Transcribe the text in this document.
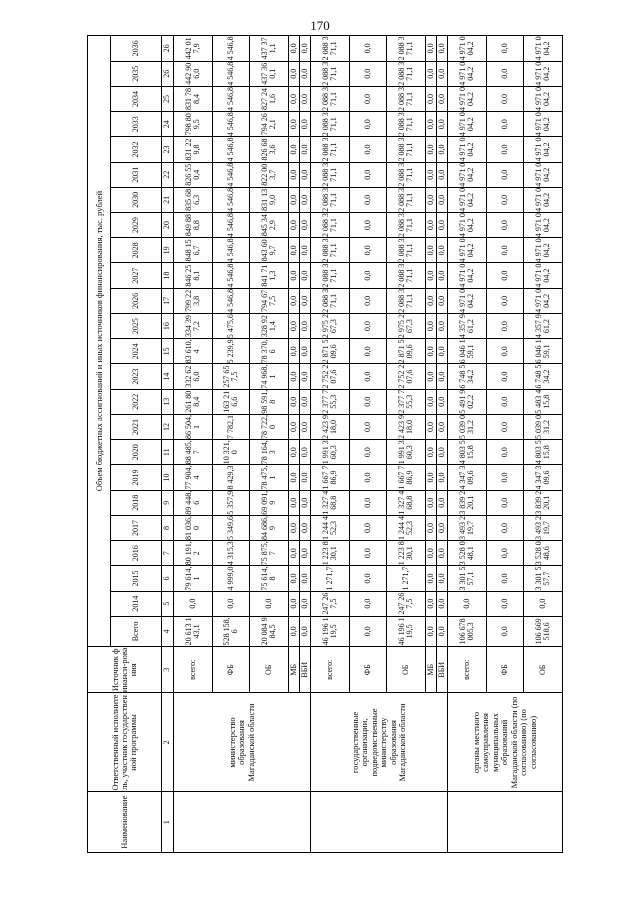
170
Наименование	Ответственный исполнитель, участник государственной программы	Источник финанси-рования	Объем бюджетных ассигнований и иных источников финансирования, тыс. рублей																							
			Всего	2014	2015	2016	2017	2018	2019	2020	2021	2022	2023	2024	2025	2026	2027	2028	2029	2030	2031	2032	2033	2034	2035	2036
1	2	3	4	5	6	7	8	9	10	11	12	13	14	15	16	17	18	19	20	21	22	23	24	25	26	26
	министерство образования Магаданской области	всего:	20 613 143,1	0,0	79 614,1	80 191,2	81 036,0	89 448,6	77 904,4	88 485,7	86 504,1	261 808,4	332 626,0	83 610,4	334 397,2	799 223,8	846 258,1	848 156,7	849 888,8	835 686,3	826 550,4	831 229,8	798 809,5	831 788,4	442 906,0	442 017,9
		ФБ	528 158,6	0,0	4 999,0	4 315,3	5 349,6	5 357,9	8 429,3	10 321,0	7 782,1	163 216,6	257 657,5	5 239,9	5 475,6	4 546,8	4 546,8	4 546,8	4 546,8	4 546,8	4 546,8	4 546,8	4 546,8	4 546,8	4 546,8	4 546,8
		ОБ	20 084 984,5	0,0	75 614,8	75 875,7	84 686,9	69 091,9	78 475,1	78 164,3	78 722,0	98 591,8	74 968,1	78 370,6	328 921,4	794 677,5	841 711,3	843 609,7	845 342,9	831 139,0	822 003,7	826 683,6	794 262,1	827 241,6	437 360,1	437 371,1
		МБ	0,0	0,0	0,0	0,0	0,0	0,0	0,0	0,0	0,0	0,0	0,0	0,0	0,0	0,0	0,0	0,0	0,0	0,0	0,0	0,0	0,0	0,0	0,0	0,0
		ВБИ	0,0	0,0	0,0	0,0	0,0	0,0	0,0	0,0	0,0	0,0	0,0	0,0	0,0	0,0	0,0	0,0	0,0	0,0	0,0	0,0	0,0	0,0	0,0	0,0
	государственные организации, подведомственные министерству образования Магаданской области	всего:	46 196 119,5	247 267,5	1 271,7	1 223 830,1	1 244 452,3	1 327 468,8	1 667 786,9	1 991 360,3	2 423 918,0	2 377 755,3	2 752 207,6	2 871 509,6	2 975 267,3	2 088 371,1	2 088 371,1	2 088 371,1	2 088 371,1	2 088 371,1	2 088 371,1	2 088 371,1	2 088 371,1	2 088 371,1	2 088 371,1	2 088 371,1
		ФБ	0,0	0,0	0,0	0,0	0,0	0,0	0,0	0,0	0,0	0,0	0,0	0,0	0,0	0,0	0,0	0,0	0,0	0,0	0,0	0,0	0,0	0,0	0,0	0,0
		ОБ	46 196 119,5	247 267,5	1 271,7	1 223 830,1	1 244 452,3	1 327 468,8	1 667 786,9	1 991 360,3	2 423 918,0	2 377 755,3	2 752 207,6	2 871 509,6	2 975 267,3	2 088 371,1	2 088 371,1	2 088 371,1	2 088 371,1	2 088 371,1	2 088 371,1	2 088 371,1	2 088 371,1	2 088 371,1	2 088 371,1	2 088 371,1
		МБ	0,0	0,0	0,0	0,0	0,0	0,0	0,0	0,0	0,0	0,0	0,0	0,0	0,0	0,0	0,0	0,0	0,0	0,0	0,0	0,0	0,0	0,0	0,0	0,0
		ВБИ	0,0	0,0	0,0	0,0	0,0	0,0	0,0	0,0	0,0	0,0	0,0	0,0	0,0	0,0	0,0	0,0	0,0	0,0	0,0	0,0	0,0	0,0	0,0	0,0
	органы местного самоуправления муниципальных образований Магаданской области (по согласованию) (по согласованию)	всего:	106 678 005,3	0,0	3 301 557,1	3 528 048,1	3 493 219,7	3 839 220,1	4 347 309,6	4 803 515,8	5 039 031,2	5 491 902,2	6 748 534,2	6 046 159,1	4 357 961,2	4 971 004,2	4 971 004,2	4 971 004,2	4 971 004,2	4 971 004,2	4 971 004,2	4 971 004,2	4 971 004,2	4 971 004,2	4 971 004,2	4 971 004,2
		ФБ	0,0	0,0	0,0	0,0	0,0	0,0	0,0	0,0	0,0	0,0	0,0	0,0	0,0	0,0	0,0	0,0	0,0	0,0	0,0	0,0	0,0	0,0	0,0	0,0
		ОБ	106 669 518,6	0,0	3 301 557,7	3 528 048,6	3 493 219,7	3 839 220,1	4 347 309,6	4 803 515,8	5 039 031,2	5 483 415,8	6 748 534,2	6 046 159,1	4 357 961,2	4 971 004,2	4 971 004,2	4 971 004,2	4 971 004,2	4 971 004,2	4 971 004,2	4 971 004,2	4 971 004,2	4 971 004,2	4 971 004,2	4 971 004,2
